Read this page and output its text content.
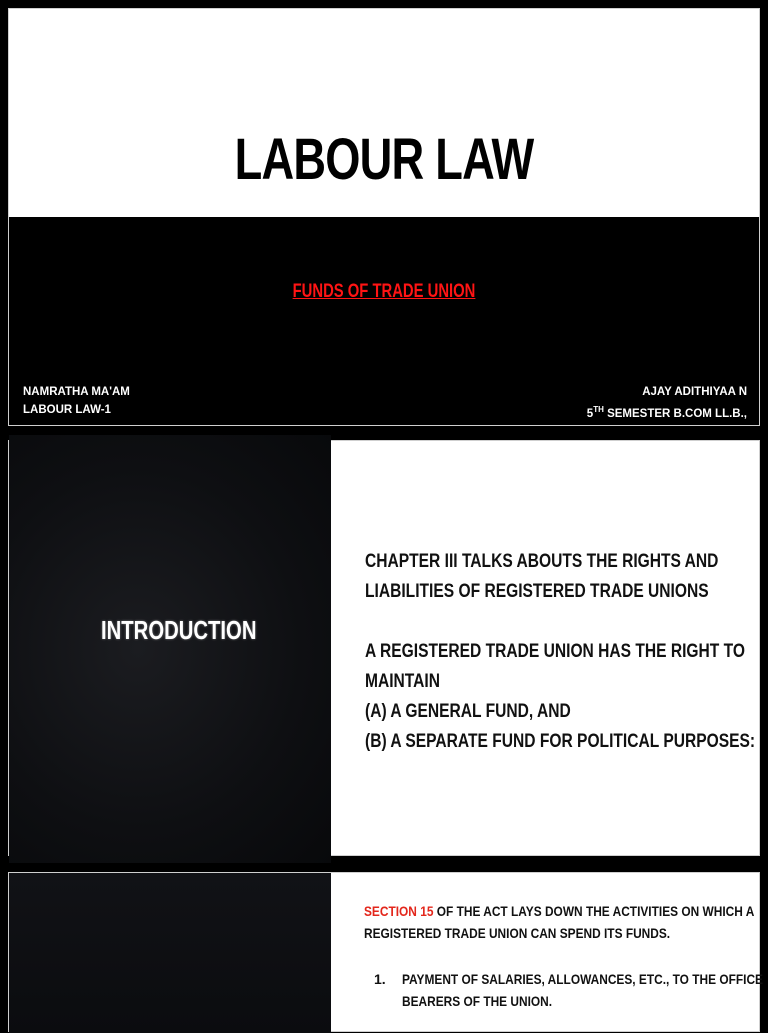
LABOUR LAW
FUNDS OF TRADE UNION
NAMRATHA MA'AM
LABOUR LAW-1
AJAY ADITHIYAA N
5TH SEMESTER B.COM LL.B.,
INTRODUCTION
CHAPTER III TALKS ABOUTS THE RIGHTS AND
LIABILITIES OF REGISTERED TRADE UNIONS
A REGISTERED TRADE UNION HAS THE RIGHT TO
MAINTAIN
(A) A GENERAL FUND, AND
(B) A SEPARATE FUND FOR POLITICAL PURPOSES:
SECTION 15 OF THE ACT LAYS DOWN THE ACTIVITIES ON WHICH A
REGISTERED TRADE UNION CAN SPEND ITS FUNDS.
1. PAYMENT OF SALARIES, ALLOWANCES, ETC., TO THE OFFICE
BEARERS OF THE UNION.
